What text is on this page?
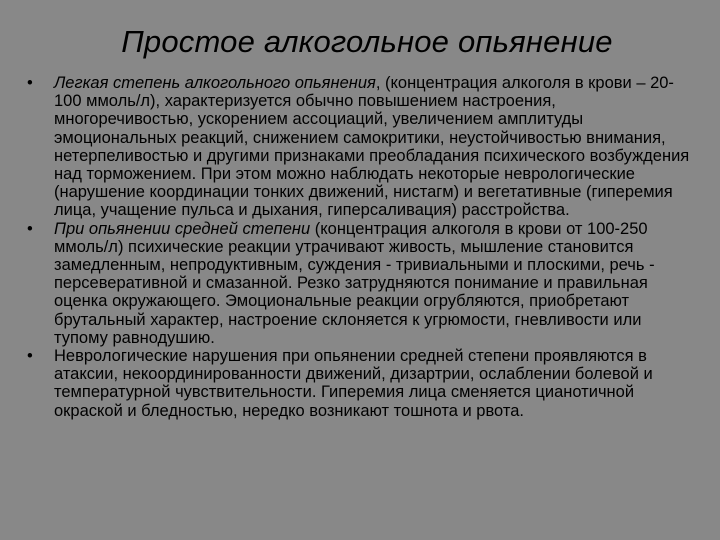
Простое алкогольное опьянение

• Легкая степень алкогольного опьянения, (концентрация алкоголя в крови – 20-100 ммоль/л), характеризуется обычно повышением настроения, многоречивостью, ускорением ассоциаций, увеличением амплитуды эмоциональных реакций, снижением самокритики, неустойчивостью внимания, нетерпеливостью и другими признаками преобладания психического возбуждения над торможением. При этом можно наблюдать некоторые неврологические (нарушение координации тонких движений, нистагм) и вегетативные (гиперемия лица, учащение пульса и дыхания, гиперсаливация) расстройства.

• При опьянении средней степени (концентрация алкоголя в крови от 100-250 ммоль/л) психические реакции утрачивают живость, мышление становится замедленным, непродуктивным, суждения - тривиальными и плоскими, речь - персеверативной и смазанной. Резко затрудняются понимание и правильная оценка окружающего. Эмоциональные реакции огрубляются, приобретают брутальный характер, настроение склоняется к угрюмости, гневливости или тупому равнодушию.

• Неврологические нарушения при опьянении средней степени проявляются в атаксии, некоординированности движений, дизартрии, ослаблении болевой и температурной чувствительности. Гиперемия лица сменяется цианотичной окраской и бледностью, нередко возникают тошнота и рвота.
